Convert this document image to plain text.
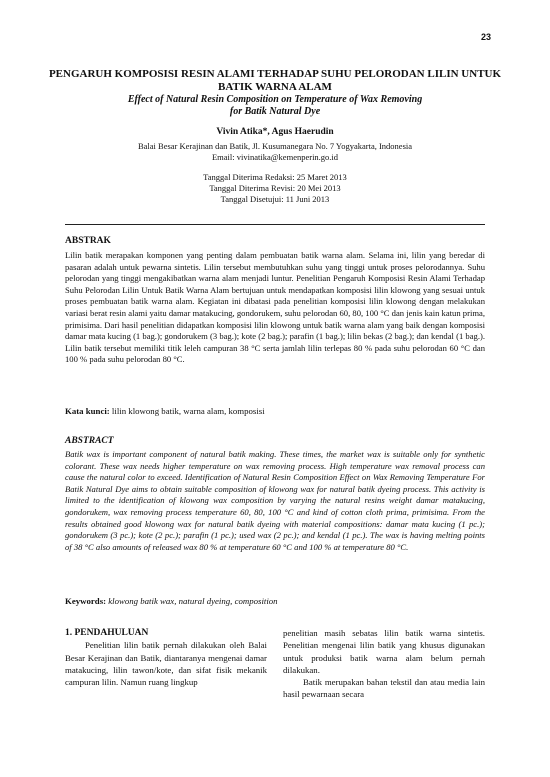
23
PENGARUH KOMPOSISI RESIN ALAMI TERHADAP SUHU PELORODAN LILIN UNTUK BATIK WARNA ALAM
Effect of Natural Resin Composition on Temperature of Wax Removing
for Batik Natural Dye
Vivin Atika*, Agus Haerudin
Balai Besar Kerajinan dan Batik, Jl. Kusumanegara No. 7 Yogyakarta, Indonesia
Email: vivinatika@kemenperin.go.id
Tanggal Diterima Redaksi: 25 Maret 2013
Tanggal Diterima Revisi: 20 Mei 2013
Tanggal Disetujui: 11 Juni 2013
ABSTRAK
Lilin batik merapakan komponen yang penting dalam pembuatan batik warna alam. Selama ini, lilin yang beredar di pasaran adalah untuk pewarna sintetis. Lilin tersebut membutuhkan suhu yang tinggi untuk proses pelorodannya. Suhu pelorodan yang tinggi mengakibatkan warna alam menjadi luntur. Penelitian Pengaruh Komposisi Resin Alami Terhadap Suhu Pelorodan Lilin Untuk Batik Warna Alam bertujuan untuk mendapatkan komposisi lilin klowong yang sesuai untuk proses pembuatan batik warna alam. Kegiatan ini dibatasi pada penelitian komposisi lilin klowong dengan melakukan variasi berat resin alami yaitu damar matakucing, gondorukem, suhu pelorodan 60, 80, 100 °C dan jenis kain katun prima, primisima. Dari hasil penelitian didapatkan komposisi lilin klowong untuk batik warna alam yang baik dengan komposisi damar mata kucing (1 bag.); gondorukem (3 bag.); kote (2 bag.); parafin (1 bag.); lilin bekas (2 bag.); dan kendal (1 bag.). Lilin batik tersebut memiliki titik leleh campuran 38 °C serta jamlah lilin terlepas 80 % pada suhu pelorodan 60 °C dan 100 % pada suhu pelorodan 80 °C.
Kata kunci: lilin klowong batik, warna alam, komposisi
ABSTRACT
Batik wax is important component of natural batik making. These times, the market wax is suitable only for synthetic colorant. These wax needs higher temperature on wax removing process. High temperature wax removal process can cause the natural color to exceed. Identification of Natural Resin Composition Effect on Wax Removing Temperature For Batik Natural Dye aims to obtain suitable composition of klowong wax for natural batik dyeing process. This activity is limited to the identification of klowong wax composition by varying the natural resins weight damar matakucing, gondorukem, wax removing process temperature 60, 80, 100 °C and kind of cotton cloth prima, primisima. From the results obtained good klowong wax for natural batik dyeing with material compositions: damar mata kucing (1 pc.); gondorukem (3 pc.); kote (2 pc.); parafin (1 pc.); used wax (2 pc.); and kendal (1 pc.). The wax is having melting points of 38 °C also amounts of released wax 80 % at temperature 60 °C and 100 % at temperature 80 °C.
Keywords: klowong batik wax, natural dyeing, composition
1. PENDAHULUAN

Penelitian lilin batik pernah dilakukan oleh Balai Besar Kerajinan dan Batik, diantaranya mengenai damar matakucing, lilin tawon/kote, dan sifat fisik mekanik campuran lilin. Namun ruang lingkup

penelitian masih sebatas lilin batik warna sintetis. Penelitian mengenai lilin batik yang khusus digunakan untuk produksi batik warna alam belum pernah dilakukan.

Batik merupakan bahan tekstil dan atau media lain hasil pewarnaan secara
